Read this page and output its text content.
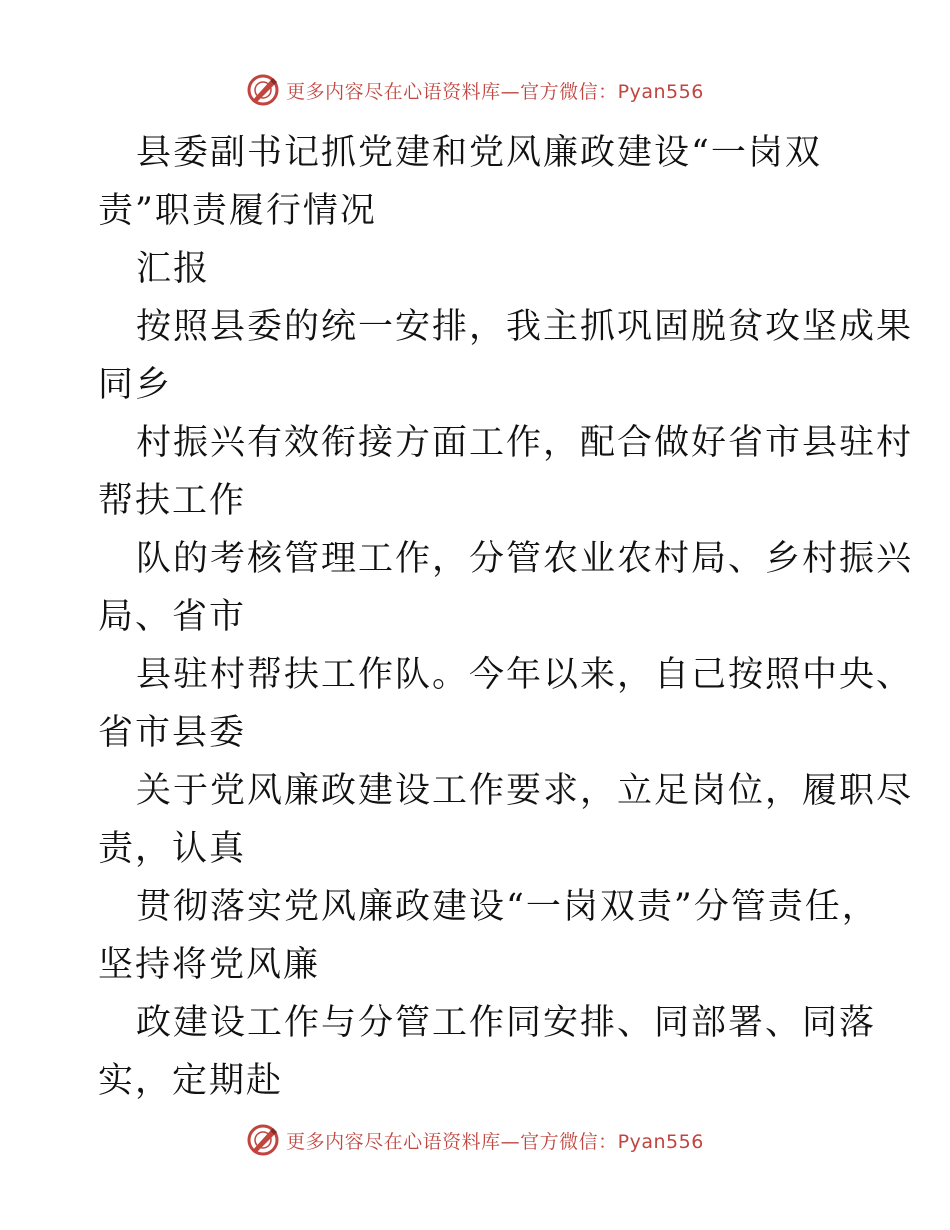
更多内容尽在心语资料库—官方微信：Pyan556
县委副书记抓党建和党风廉政建设“一岗双
责”职责履行情况
汇报
按照县委的统一安排，我主抓巩固脱贫攻坚成果
同乡
村振兴有效衔接方面工作，配合做好省市县驻村
帮扶工作
队的考核管理工作，分管农业农村局、乡村振兴
局、省市
县驻村帮扶工作队。今年以来，自己按照中央、
省市县委
关于党风廉政建设工作要求，立足岗位，履职尽
责，认真
贯彻落实党风廉政建设“一岗双责”分管责任，
坚持将党风廉
政建设工作与分管工作同安排、同部署、同落
实，定期赴
更多内容尽在心语资料库—官方微信：Pyan556
